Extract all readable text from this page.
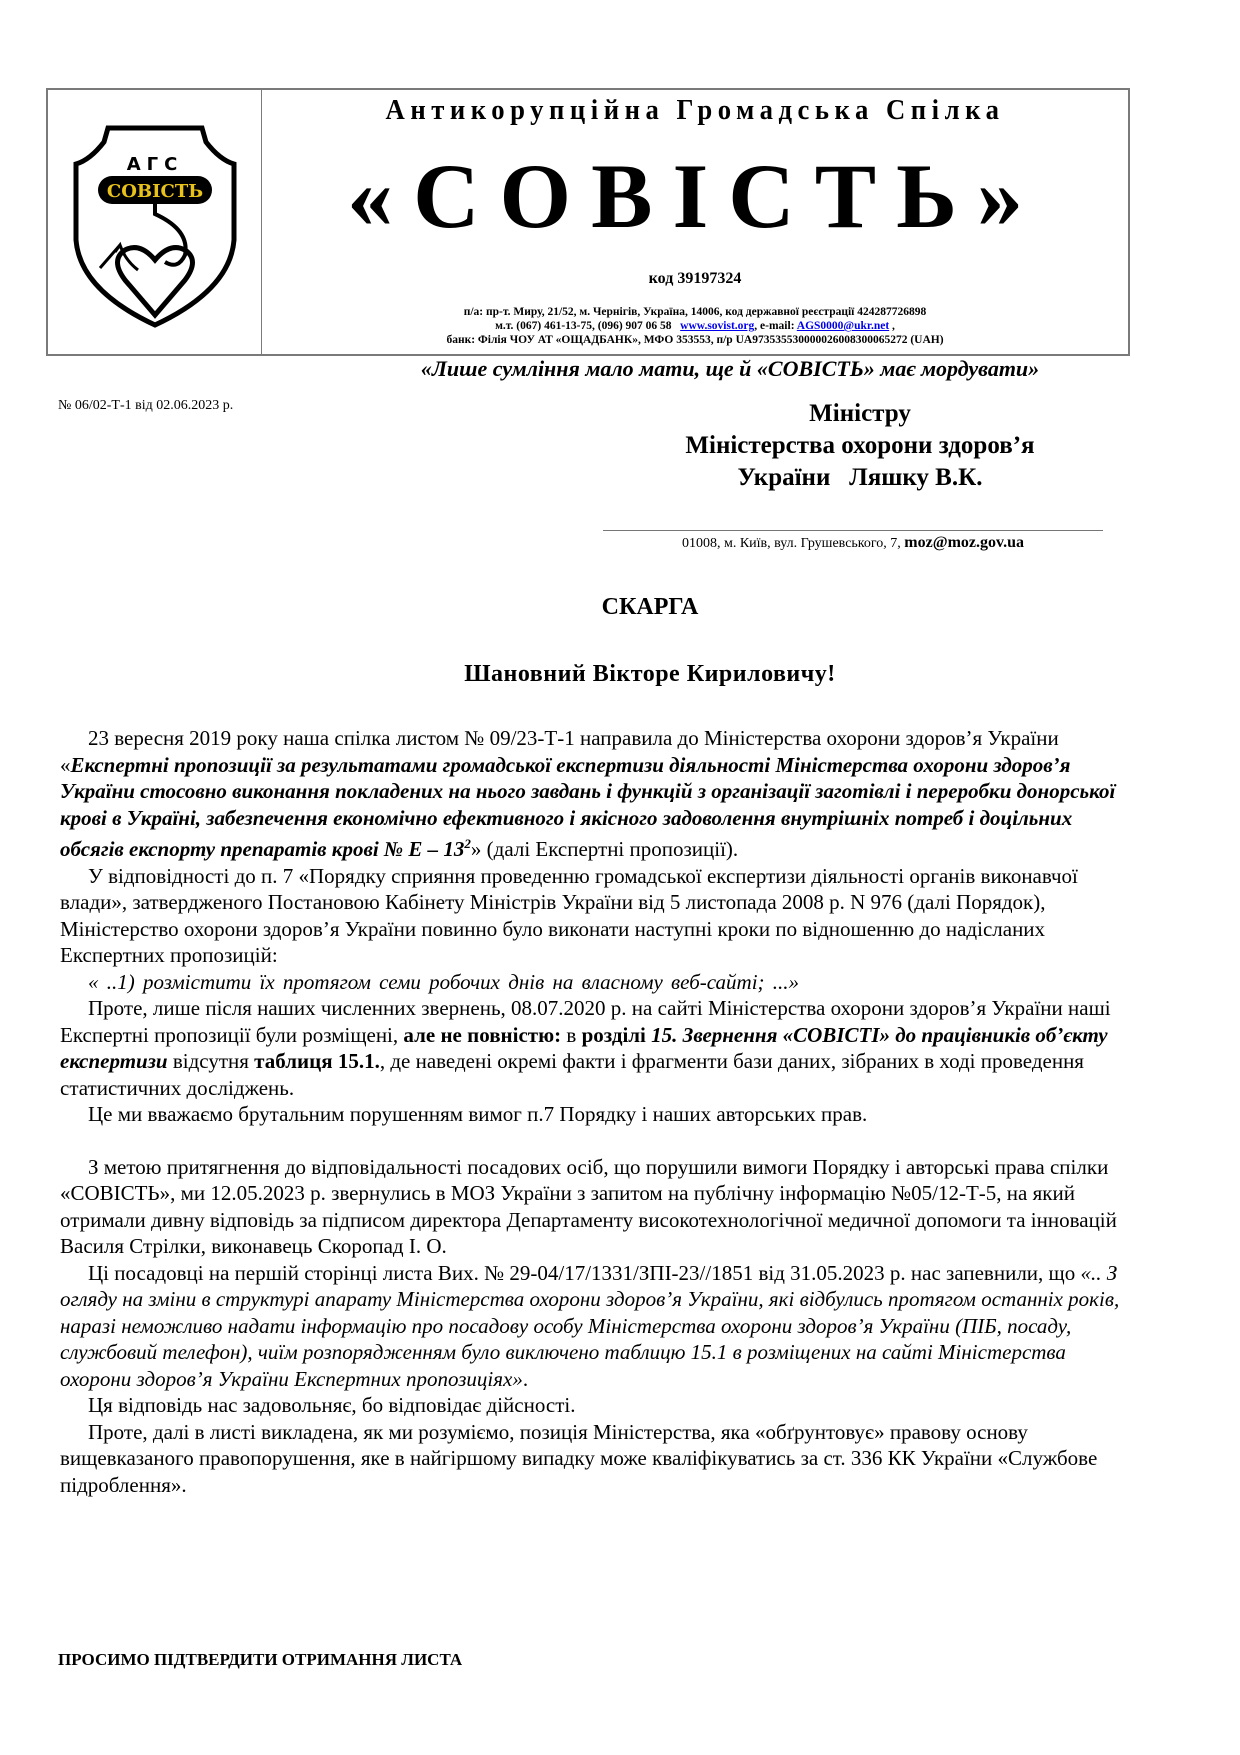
АГС
СОВІСТЬ
Антикорупційна Громадська Спілка
«СОВІСТЬ»
код 39197324
п/а: пр-т. Миру, 21/52, м. Чернігів, Україна, 14006, код державної реєстрації 424287726898
м.т. (067) 461-13-75, (096) 907 06 58 www.sovist.org, e-mail: AGS0000@ukr.net ,
банк: Філія ЧОУ АТ «ОЩАДБАНК», МФО 353553, п/р UA973535530000026008300065272 (UAH)
«Лише сумління мало мати, ще й «СОВІСТЬ» має мордувати»
№ 06/02-Т-1 від 02.06.2023 р.	Міністру
Міністерства охорони здоров’я
України   Ляшку В.К.
01008, м. Київ, вул. Грушевського, 7, moz@moz.gov.ua
СКАРГА
Шановний Вікторе Кириловичу!

23 вересня 2019 року наша спілка листом № 09/23-Т-1 направила до Міністерства охорони здоров’я України «Експертні пропозиції за результатами громадської експертизи діяльності Міністерства охорони здоров’я України стосовно виконання покладених на нього завдань і функцій з організації заготівлі і переробки донорської крові в Україні, забезпечення економічно ефективного і якісного задоволення внутрішніх потреб і доцільних обсягів експорту препаратів крові № Е – $13^2$» (далі Експертні пропозиції).

У відповідності до п. 7 «Порядку сприяння проведенню громадської експертизи діяльності органів виконавчої влади», затвердженого Постановою Кабінету Міністрів України від 5 листопада 2008 р. N 976 (далі Порядок), Міністерство охорони здоров’я України повинно було виконати наступні кроки по відношенню до надісланих Експертних пропозицій:

« ..1) розмістити їх протягом семи робочих днів на власному веб-сайті; ...»

Проте, лише після наших численних звернень, 08.07.2020 р. на сайті Міністерства охорони здоров’я України наші Експертні пропозиції були розміщені, але не повністю: в розділі 15. Звернення «СОВІСТІ» до працівників об’єкту експертизи відсутня таблиця 15.1., де наведені окремі факти і фрагменти бази даних, зібраних в ході проведення статистичних досліджень.

Це ми вважаємо брутальним порушенням вимог п.7 Порядку і наших авторських прав.

З метою притягнення до відповідальності посадових осіб, що порушили вимоги Порядку і авторські права спілки «СОВІСТЬ», ми 12.05.2023 р. звернулись в МОЗ України з запитом на публічну інформацію №05/12-Т-5, на який отримали дивну відповідь за підписом директора Департаменту високотехнологічної медичної допомоги та інновацій Василя Стрілки, виконавець Скоропад І. О.

Ці посадовці на першій сторінці листа Вих. № 29-04/17/1331/ЗПІ-23//1851 від 31.05.2023 р. нас запевнили, що «.. З огляду на зміни в структурі апарату Міністерства охорони здоров’я України, які відбулись протягом останніх років, наразі неможливо надати інформацію про посадову особу Міністерства охорони здоров’я України (ПІБ, посаду, службовий телефон), чиїм розпорядженням було виключено таблицю 15.1 в розміщених на сайті Міністерства охорони здоров’я України Експертних пропозиціях».

Ця відповідь нас задовольняє, бо відповідає дійсності.

Проте, далі в листі викладена, як ми розуміємо, позиція Міністерства, яка «обґрунтовує» правову основу вищевказаного правопорушення, яке в найгіршому випадку може кваліфікуватись за ст. 336 КК України «Службове підроблення».

ПРОСИМО ПІДТВЕРДИТИ ОТРИМАННЯ ЛИСТА
